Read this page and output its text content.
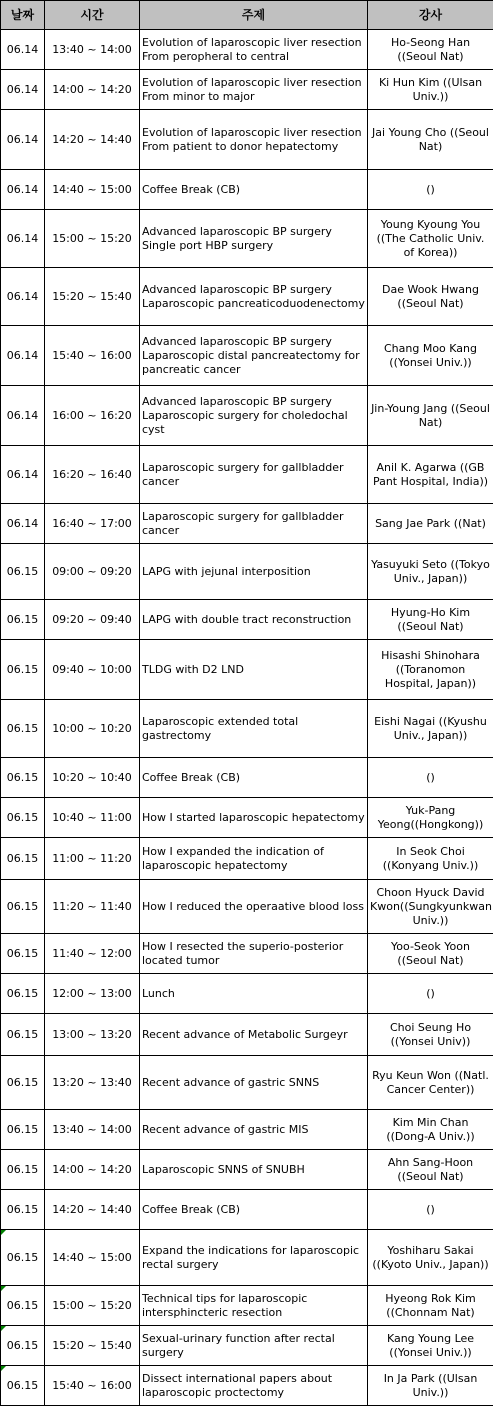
날짜	시간	주제	강사
06.14	13:40 ~ 14:00	Evolution of laparoscopic liver resection From peropheral to central	Ho-Seong Han ((Seoul Nat)
06.14	14:00 ~ 14:20	Evolution of laparoscopic liver resection From minor to major	Ki Hun Kim ((Ulsan Univ.))
06.14	14:20 ~ 14:40	Evolution of laparoscopic liver resection From patient to donor hepatectomy	Jai Young Cho ((Seoul Nat)
06.14	14:40 ~ 15:00	Coffee Break (CB)	()
06.14	15:00 ~ 15:20	Advanced laparoscopic BP surgery Single port HBP surgery	Young Kyoung You ((The Catholic Univ. of Korea))
06.14	15:20 ~ 15:40	Advanced laparoscopic BP surgery Laparoscopic pancreaticoduodenectomy	Dae Wook Hwang ((Seoul Nat)
06.14	15:40 ~ 16:00	Advanced laparoscopic BP surgery Laparoscopic distal pancreatectomy for pancreatic cancer	Chang Moo Kang ((Yonsei Univ.))
06.14	16:00 ~ 16:20	Advanced laparoscopic BP surgery Laparoscopic surgery for choledochal cyst	Jin-Young Jang ((Seoul Nat)
06.14	16:20 ~ 16:40	Laparoscopic surgery for gallbladder cancer	Anil K. Agarwa ((GB Pant Hospital, India))
06.14	16:40 ~ 17:00	Laparoscopic surgery for gallbladder cancer	Sang Jae Park ((Nat)
06.15	09:00 ~ 09:20	LAPG with jejunal interposition	Yasuyuki Seto ((Tokyo Univ., Japan))
06.15	09:20 ~ 09:40	LAPG with double tract reconstruction	Hyung-Ho Kim ((Seoul Nat)
06.15	09:40 ~ 10:00	TLDG with D2 LND	Hisashi Shinohara ((Toranomon Hospital, Japan))
06.15	10:00 ~ 10:20	Laparoscopic extended total gastrectomy	Eishi Nagai ((Kyushu Univ., Japan))
06.15	10:20 ~ 10:40	Coffee Break (CB)	()
06.15	10:40 ~ 11:00	How I started laparoscopic hepatectomy	Yuk-Pang Yeong((Hongkong))
06.15	11:00 ~ 11:20	How I expanded the indication of laparoscopic hepatectomy	In Seok Choi ((Konyang Univ.))
06.15	11:20 ~ 11:40	How I reduced the operaative blood loss	Choon Hyuck David Kwon((Sungkyunkwan Univ.))
06.15	11:40 ~ 12:00	How I resected the superio-posterior located tumor	Yoo-Seok Yoon ((Seoul Nat)
06.15	12:00 ~ 13:00	Lunch	()
06.15	13:00 ~ 13:20	Recent advance of Metabolic Surgeyr	Choi Seung Ho ((Yonsei Univ))
06.15	13:20 ~ 13:40	Recent advance of gastric SNNS	Ryu Keun Won ((Natl. Cancer Center))
06.15	13:40 ~ 14:00	Recent advance of gastric MIS	Kim Min Chan ((Dong-A Univ.))
06.15	14:00 ~ 14:20	Laparoscopic SNNS of SNUBH	Ahn Sang-Hoon ((Seoul Nat)
06.15	14:20 ~ 14:40	Coffee Break (CB)	()
06.15	14:40 ~ 15:00	Expand the indications for laparoscopic rectal surgery	Yoshiharu Sakai ((Kyoto Univ., Japan))
06.15	15:00 ~ 15:20	Technical tips for laparoscopic intersphincteric resection	Hyeong Rok Kim ((Chonnam Nat)
06.15	15:20 ~ 15:40	Sexual-urinary function after rectal surgery	Kang Young Lee ((Yonsei Univ.))
06.15	15:40 ~ 16:00	Dissect international papers about laparoscopic proctectomy	In Ja Park ((Ulsan Univ.))
